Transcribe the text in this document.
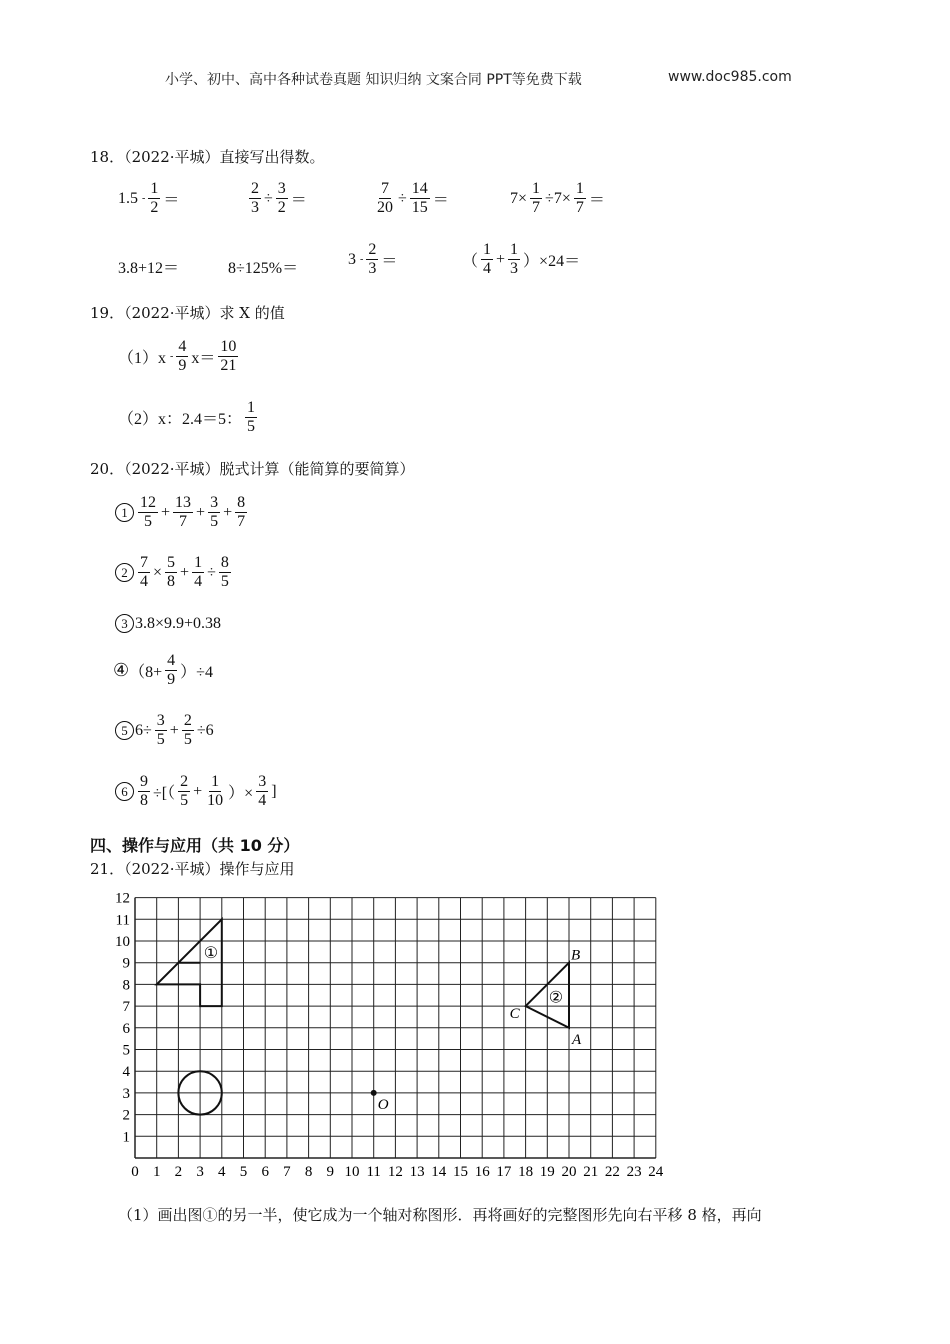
小学、初中、高中各种试卷真题 知识归纳 文案合同 PPT等免费下载	www.doc985.com
18．（2022·平城）直接写出得数。
1.5
- $\frac{1}{2}$ ＝	$\frac{2}{3} \div \frac{3}{2}$ ＝	$\frac{7}{20} \div \frac{14}{15}$ ＝	$7\times \frac{1}{7} \div 7\times \frac{1}{7}$ ＝
3.8+12＝	8÷125%＝
3
- $\frac{2}{3}$ ＝	（ $\frac{1}{4} + \frac{1}{3} )\times 24=$
19．（2022·平城）求 X 的值
（1）x
- $\frac{4}{9} x= \frac{10}{21}$
（2）x：2.4＝5： $\frac{1}{5}$
20．（2022·平城）脱式计算（能简算的要简算）
$1 \frac{12}{5} + \frac{13}{7} + \frac{3}{5} + \frac{8}{7}$
$2 \frac{7}{4} \times \frac{5}{8} + \frac{1}{4} \div \frac{8}{5}$
3 3.8×9.9+0.38
④ $(8+ \frac{4}{9} )\div 4$
5 $6\div \frac{3}{5} + \frac{2}{5} \div 6$
$6 \frac{9}{8}$ ÷[（ $\frac{2}{5} + \frac{1}{10}$ ）× $\frac{3}{4}$ ]
四、操作与应用（共 10 分）
21．（2022·平城）操作与应用
1
2
3
4
5
6
7
8
9
10
11
12
0 1 2 3 4 5 6 7 8 9 10 11 12 13 14 15 16 17 18 19 20 21 22 23 24
①
②
B
C
A
O
（1）画出图①的另一半，使它成为一个轴对称图形．再将画好的完整图形先向右平移 8 格，再向
